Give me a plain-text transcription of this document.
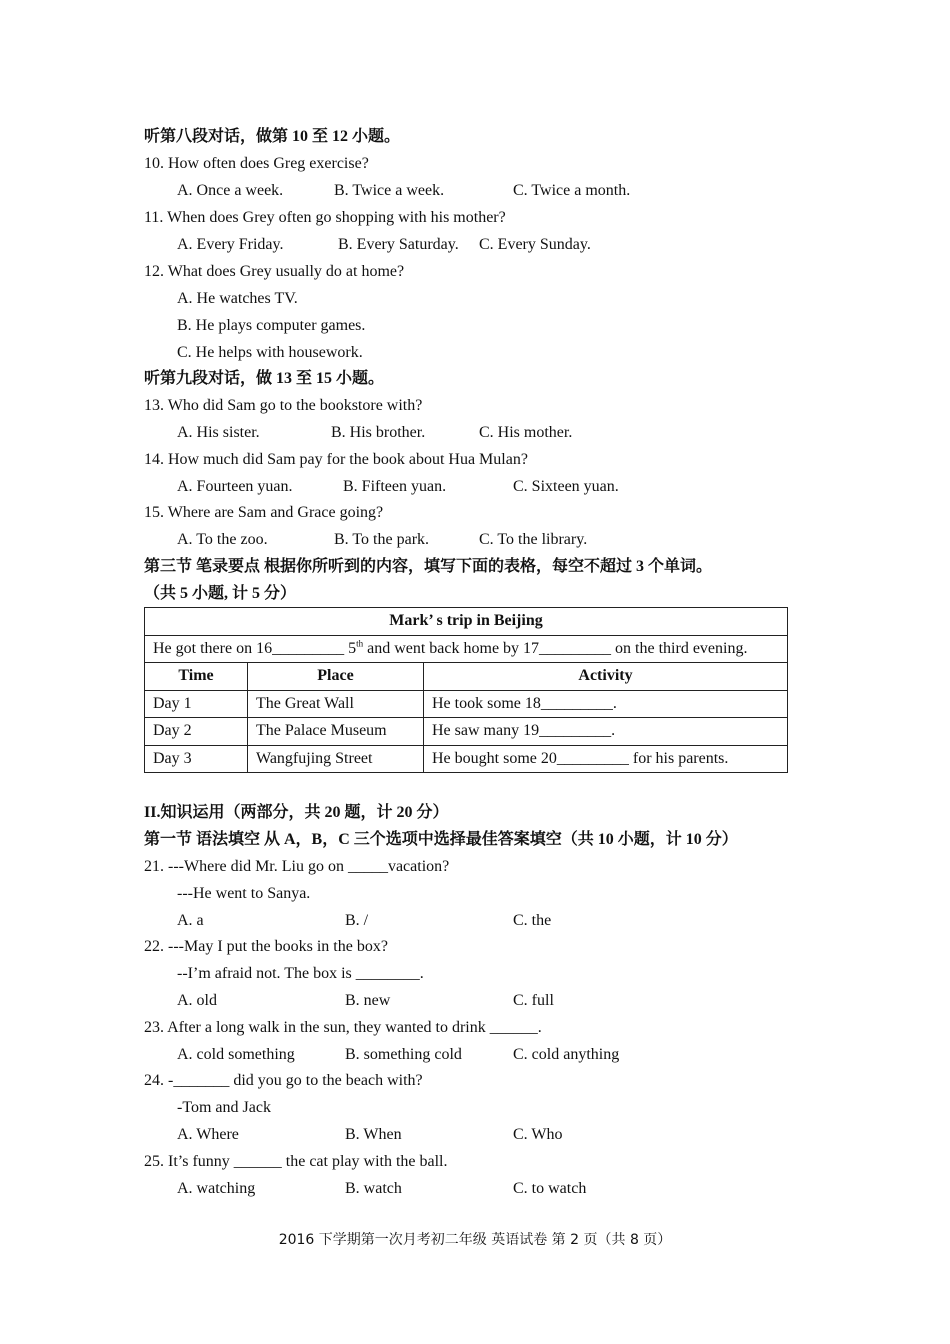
听第八段对话，做第 10 至 12 小题。
10. How often does Greg exercise?
A. Once a week.	B. Twice a week.	C. Twice a month.
11. When does Grey often go shopping with his mother?
A. Every Friday.	B. Every Saturday. C. Every Sunday.
12. What does Grey usually do at home?
A. He watches TV.
B. He plays computer games.
C. He helps with housework.
听第九段对话，做 13 至 15 小题。
13. Who did Sam go to the bookstore with?
A. His sister.	B. His brother.	C. His mother.
14. How much did Sam pay for the book about Hua Mulan?
A. Fourteen yuan.	B. Fifteen yuan.	C. Sixteen yuan.
15. Where are Sam and Grace going?
A. To the zoo.	B. To the park.	C. To the library.
第三节 笔录要点 根据你所听到的内容，填写下面的表格，每空不超过 3 个单词。
（共 5 小题, 计 5 分）
Mark’ s trip in Beijing		
He got there on 16_________ 5th and went back home by 17_________ on the third evening.		
Time	Place	Activity
Day 1	The Great Wall	He took some 18_________.
Day 2	The Palace Museum	He saw many 19_________.
Day 3	Wangfujing Street	He bought some 20_________ for his parents.
II.知识运用（两部分，共 20 题，计 20 分）
第一节 语法填空 从 A，B，C 三个选项中选择最佳答案填空（共 10 小题，计 10 分）
21. ---Where did Mr. Liu go on _____vacation?
---He went to Sanya.
A. a	B. /	C. the
22. ---May I put the books in the box?
--I’m afraid not. The box is ________.
A. old	B. new	C. full
23. After a long walk in the sun, they wanted to drink ______.
A. cold something	B. something cold	C. cold anything
24. -_______ did you go to the beach with?
-Tom and Jack
A. Where	B. When	C. Who
25. It’s funny ______ the cat play with the ball.
A. watching	B. watch	C. to watch
2016 下学期第一次月考初二年级 英语试卷 第 2 页（共 8 页）
